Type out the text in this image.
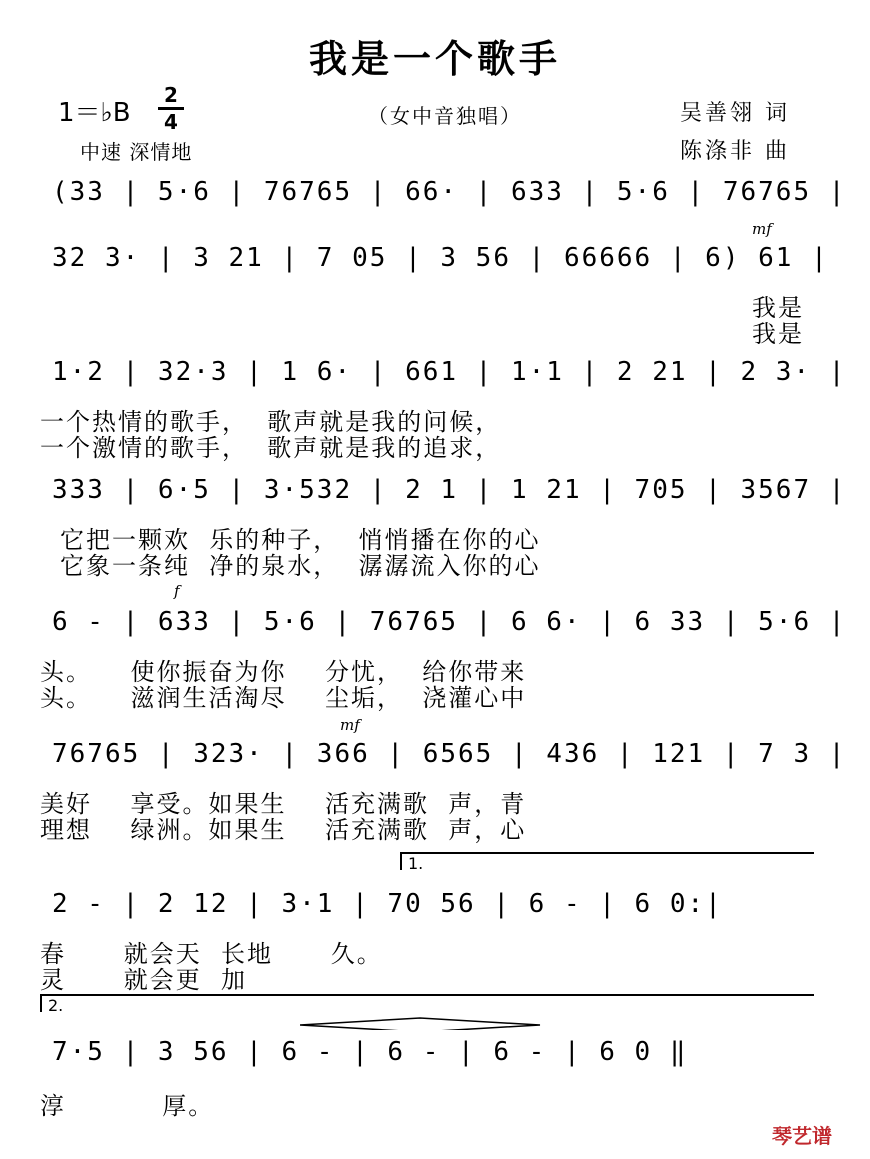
我是一个歌手
1＝♭B
2
4	（女中音独唱）	吴善翎 词
陈涤非 曲
中速 深情地
(33 | 5·6 | 76765 | 66· | 633 | 5·6 | 76765 |
32 3· | 3 21 | 7 05 | 3 56 | 66666 | 6) 61 |
mf
我是
我是
1·2 | 32·3 | 1 6· | 661 | 1·1 | 2 21 | 2 3· |
一个热情的歌手，  歌声就是我的问候，
一个激情的歌手，  歌声就是我的追求，
333 | 6·5 | 3·532 | 2 1 | 1 21 | 705 | 3567 |
它把一颗欢  乐的种子，  悄悄播在你的心
它象一条纯  净的泉水，  潺潺流入你的心
6 - | 633 | 5·6 | 76765 | 6 6· | 6 33 | 5·6 |
f
头。    使你振奋为你    分忧，  给你带来
头。    滋润生活淘尽    尘垢，  浇灌心中
76765 | 323· | 366 | 6565 | 436 | 121 | 7 3 |
mf
美好    享受。如果生    活充满歌  声，青
理想    绿洲。如果生    活充满歌  声，心
1.
2 - | 2 12 | 3·1 | 70 56 | 6 - | 6 0:|
春      就会天  长地      久。
灵      就会更  加
2.
7·5 | 3 56 | 6 - | 6 - | 6 - | 6 0 ‖
淳          厚。
琴艺谱
